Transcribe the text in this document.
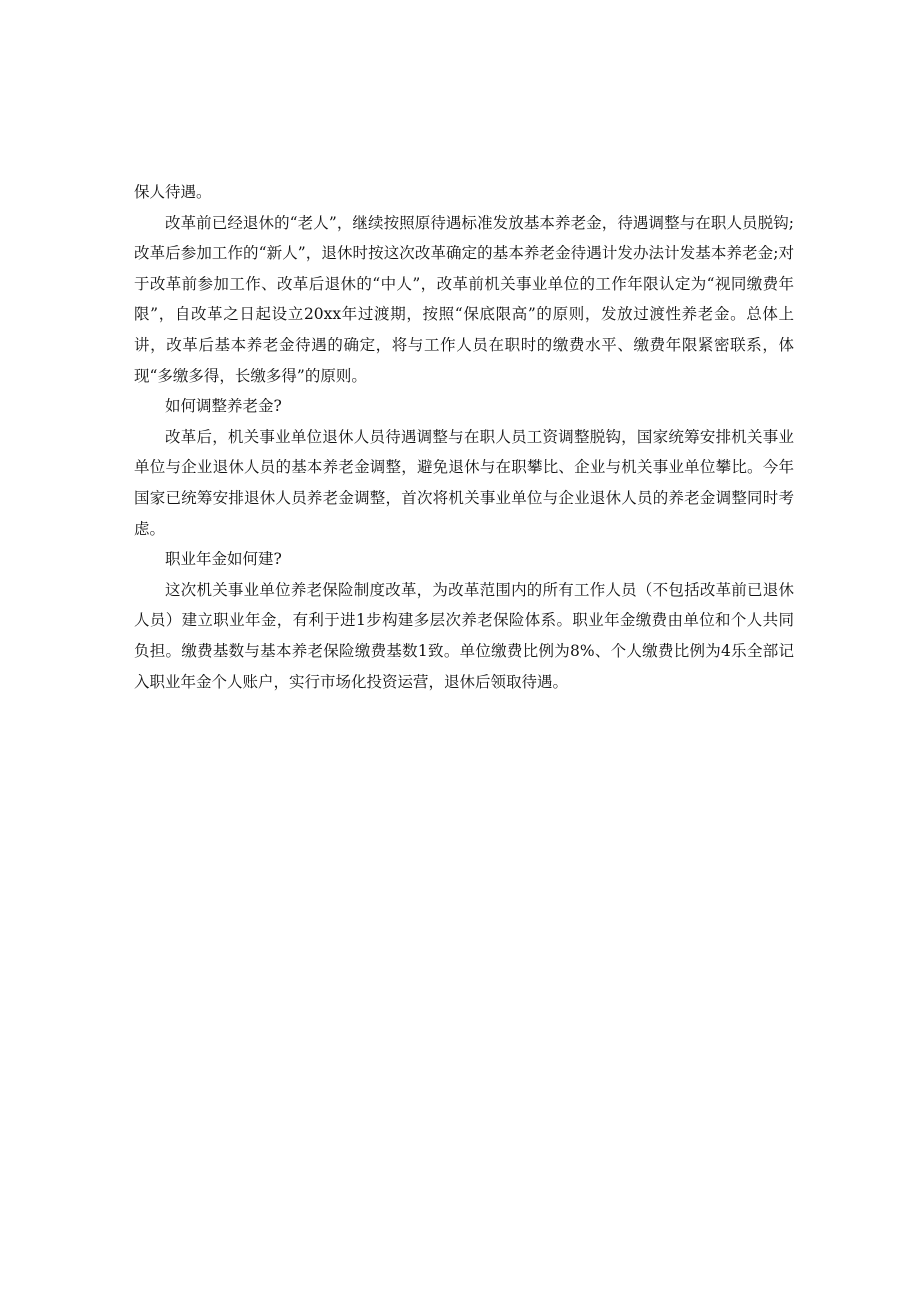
保人待遇。

改革前已经退休的“老人”，继续按照原待遇标准发放基本养老金，待遇调整与在职人员脱钩;改革后参加工作的“新人”，退休时按这次改革确定的基本养老金待遇计发办法计发基本养老金;对于改革前参加工作、改革后退休的“中人”，改革前机关事业单位的工作年限认定为“视同缴费年限”，自改革之日起设立20xx年过渡期，按照“保底限高”的原则，发放过渡性养老金。总体上讲，改革后基本养老金待遇的确定，将与工作人员在职时的缴费水平、缴费年限紧密联系，体现“多缴多得，长缴多得”的原则。

如何调整养老金?

改革后，机关事业单位退休人员待遇调整与在职人员工资调整脱钩，国家统筹安排机关事业单位与企业退休人员的基本养老金调整，避免退休与在职攀比、企业与机关事业单位攀比。今年国家已统筹安排退休人员养老金调整，首次将机关事业单位与企业退休人员的养老金调整同时考虑。

职业年金如何建?

这次机关事业单位养老保险制度改革，为改革范围内的所有工作人员（不包括改革前已退休人员）建立职业年金，有利于进1步构建多层次养老保险体系。职业年金缴费由单位和个人共同负担。缴费基数与基本养老保险缴费基数1致。单位缴费比例为8%、个人缴费比例为4乐全部记入职业年金个人账户，实行市场化投资运营，退休后领取待遇。
